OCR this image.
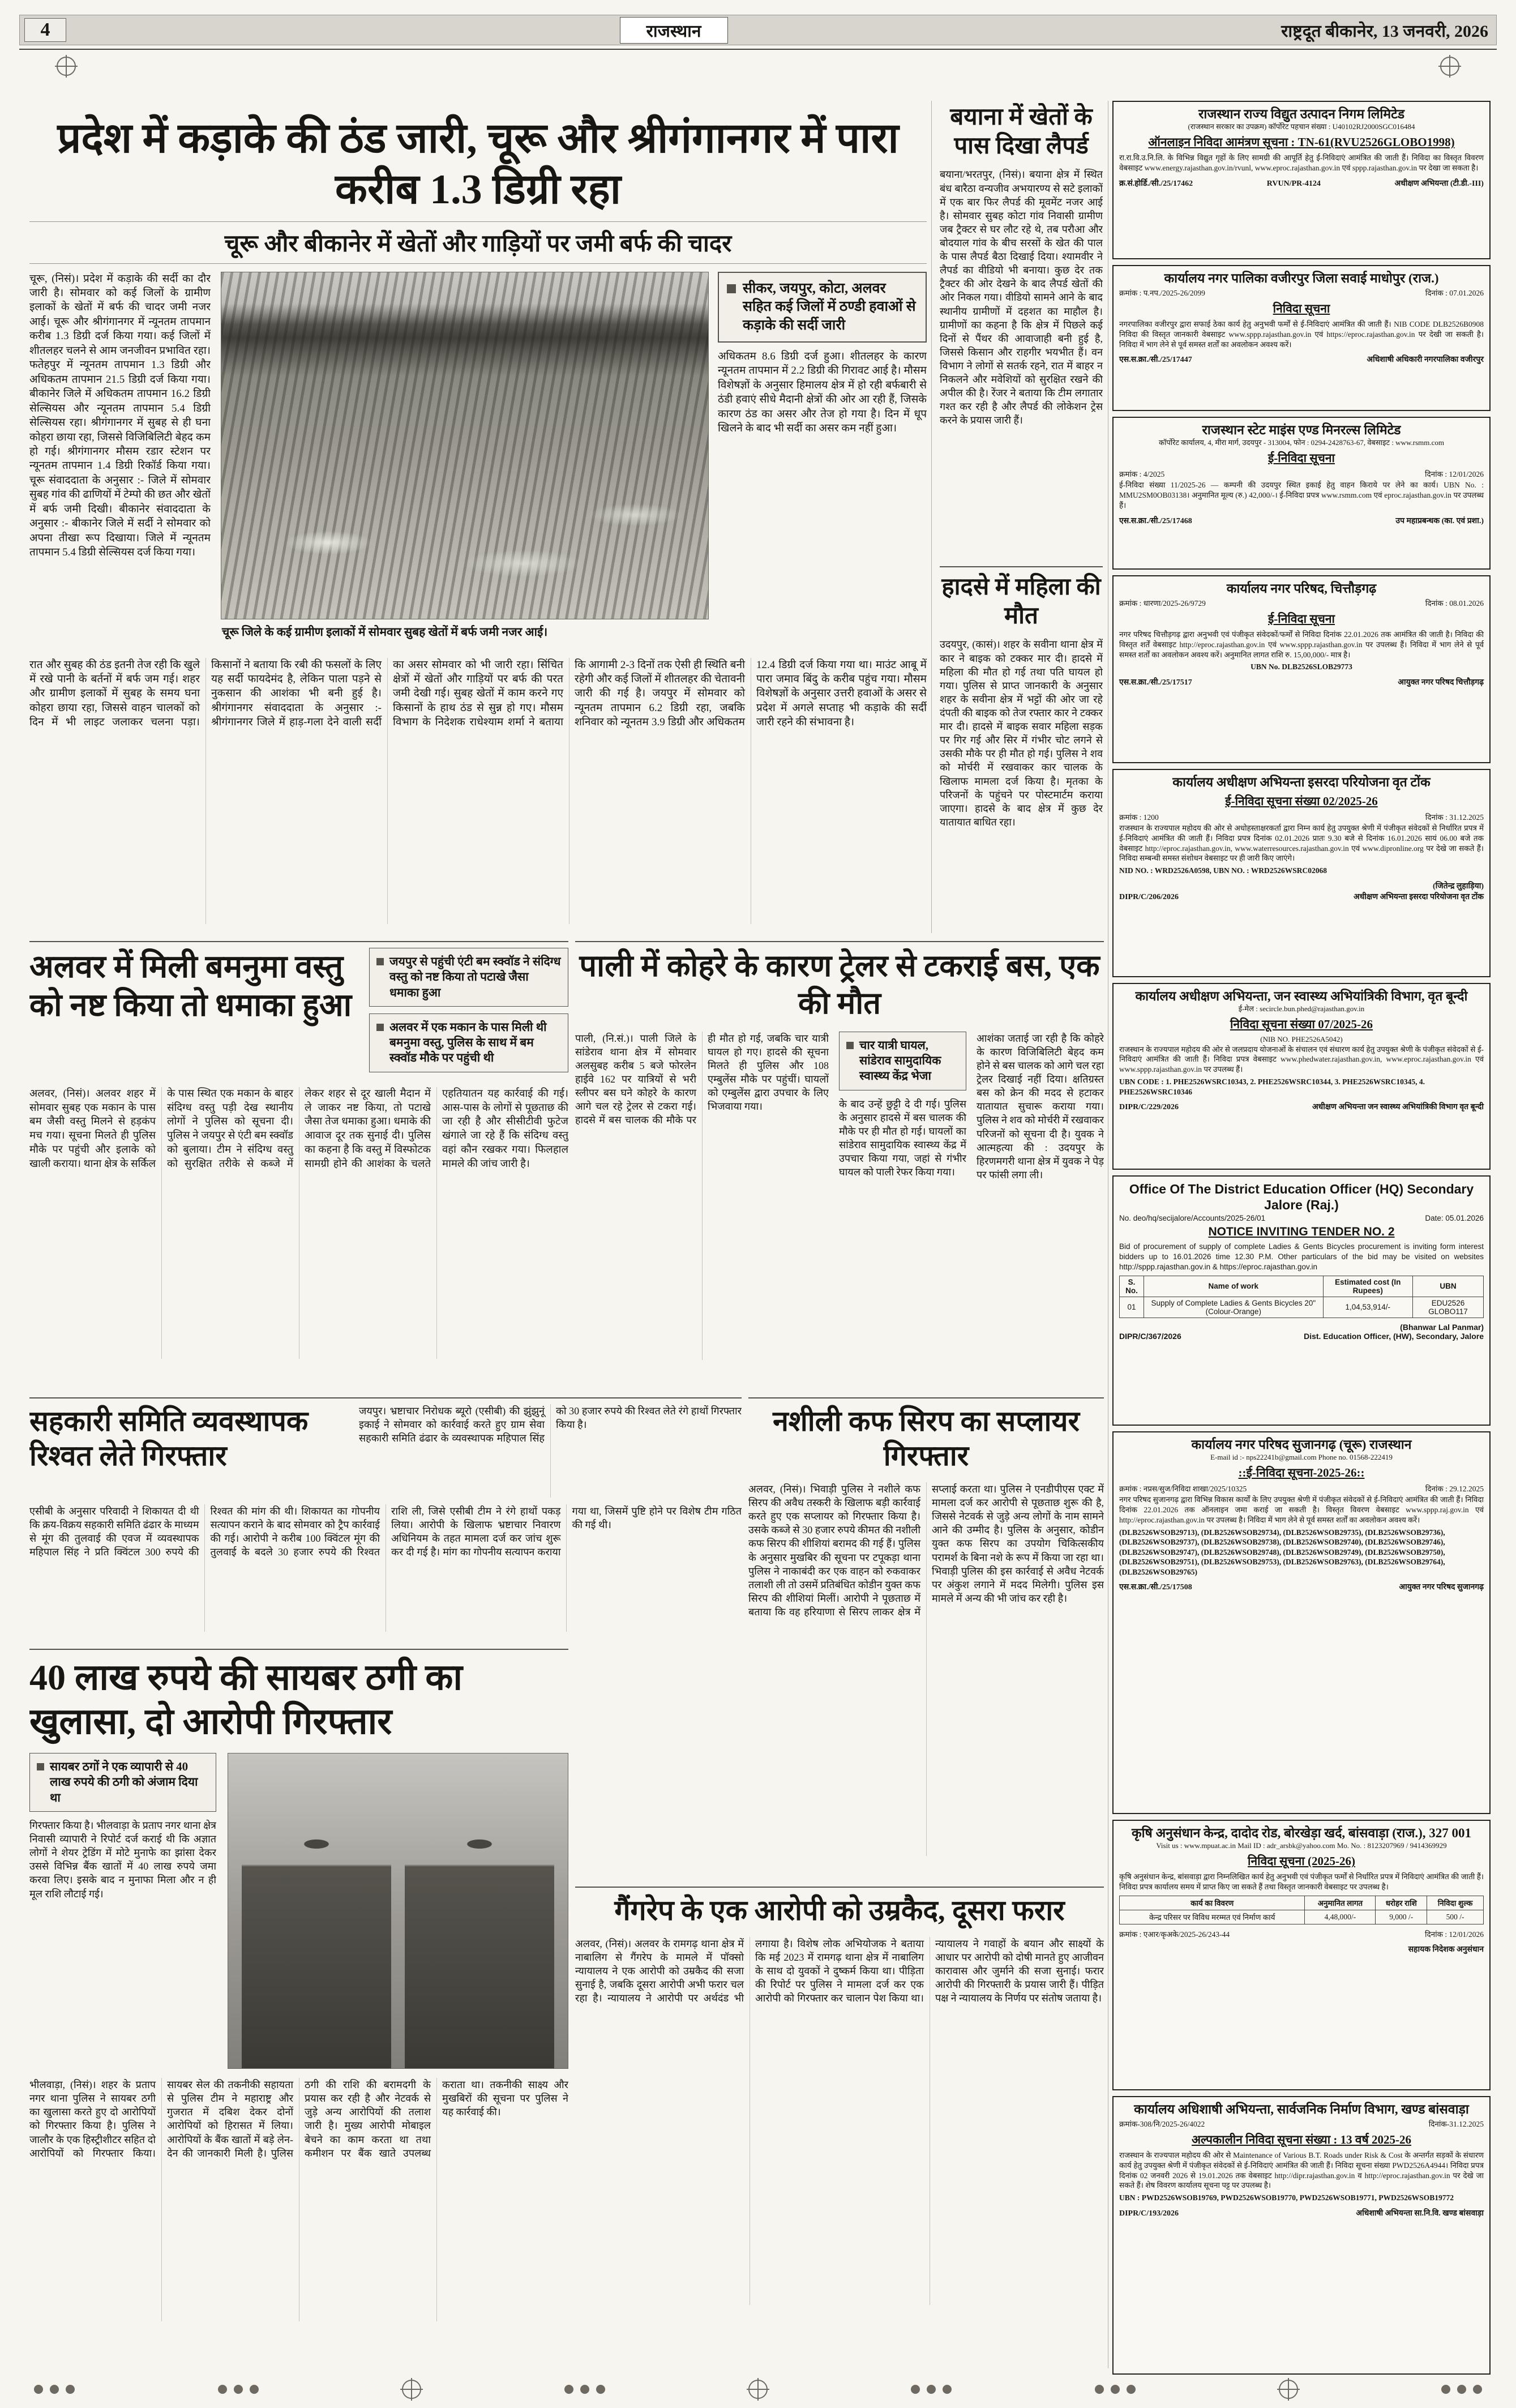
4	राजस्थान	राष्ट्रदूत बीकानेर, 13 जनवरी, 2026
प्रदेश में कड़ाके की ठंड जारी, चूरू और श्रीगंगानगर में पारा करीब 1.3 डिग्री रहा
चूरू और बीकानेर में खेतों और गाड़ियों पर जमी बर्फ की चादर
चूरू, (निसं)। प्रदेश में कड़ाके की सर्दी का दौर जारी है। सोमवार को कई जिलों के ग्रामीण इलाकों के खेतों में बर्फ की चादर जमी नजर आई। चूरू और श्रीगंगानगर में न्यूनतम तापमान करीब 1.3 डिग्री दर्ज किया गया। कई जिलों में शीतलहर चलने से आम जनजीवन प्रभावित रहा। फतेहपुर में न्यूनतम तापमान 1.3 डिग्री और अधिकतम तापमान 21.5 डिग्री दर्ज किया गया। बीकानेर जिले में अधिकतम तापमान 16.2 डिग्री सेल्सियस और न्यूनतम तापमान 5.4 डिग्री सेल्सियस रहा। श्रीगंगानगर में सुबह से ही घना कोहरा छाया रहा, जिससे विजिबिलिटी बेहद कम हो गई। श्रीगंगानगर मौसम रडार स्टेशन पर न्यूनतम तापमान 1.4 डिग्री रिकॉर्ड किया गया। चूरू संवाददाता के अनुसार :- जिले में सोमवार सुबह गांव की ढाणियों में टेम्पो की छत और खेतों में बर्फ जमी दिखी। बीकानेर संवाददाता के अनुसार :- बीकानेर जिले में सर्दी ने सोमवार को अपना तीखा रूप दिखाया। जिले में न्यूनतम तापमान 5.4 डिग्री सेल्सियस दर्ज किया गया।
चूरू जिले के कई ग्रामीण इलाकों में सोमवार सुबह खेतों में बर्फ जमी नजर आई।
सीकर, जयपुर, कोटा, अलवर सहित कई जिलों में ठण्डी हवाओं से कड़ाके की सर्दी जारी
अधिकतम 8.6 डिग्री दर्ज हुआ। शीतलहर के कारण न्यूनतम तापमान में 2.2 डिग्री की गिरावट आई है। मौसम विशेषज्ञों के अनुसार हिमालय क्षेत्र में हो रही बर्फबारी से ठंडी हवाएं सीधे मैदानी क्षेत्रों की ओर आ रही हैं, जिसके कारण ठंड का असर और तेज हो गया है। दिन में धूप खिलने के बाद भी सर्दी का असर कम नहीं हुआ।
रात और सुबह की ठंड इतनी तेज रही कि खुले में रखे पानी के बर्तनों में बर्फ जम गई। शहर और ग्रामीण इलाकों में सुबह के समय घना कोहरा छाया रहा, जिससे वाहन चालकों को दिन में भी लाइट जलाकर चलना पड़ा। किसानों ने बताया कि रबी की फसलों के लिए यह सर्दी फायदेमंद है, लेकिन पाला पड़ने से नुकसान की आशंका भी बनी हुई है। श्रीगंगानगर संवाददाता के अनुसार :- श्रीगंगानगर जिले में हाड़-गला देने वाली सर्दी का असर सोमवार को भी जारी रहा। सिंचित क्षेत्रों में खेतों और गाड़ियों पर बर्फ की परत जमी देखी गई। सुबह खेतों में काम करने गए किसानों के हाथ ठंड से सुन्न हो गए। मौसम विभाग के निदेशक राधेश्याम शर्मा ने बताया कि आगामी 2-3 दिनों तक ऐसी ही स्थिति बनी रहेगी और कई जिलों में शीतलहर की चेतावनी जारी की गई है। जयपुर में सोमवार को न्यूनतम तापमान 6.2 डिग्री रहा, जबकि शनिवार को न्यूनतम 3.9 डिग्री और अधिकतम 12.4 डिग्री दर्ज किया गया था। माउंट आबू में पारा जमाव बिंदु के करीब पहुंच गया। मौसम विशेषज्ञों के अनुसार उत्तरी हवाओं के असर से प्रदेश में अगले सप्ताह भी कड़ाके की सर्दी जारी रहने की संभावना है।
बयाना में खेतों के पास दिखा लैपर्ड
बयाना/भरतपुर, (निसं)। बयाना क्षेत्र में स्थित बंध बारैठा वन्यजीव अभयारण्य से सटे इलाकों में एक बार फिर लैपर्ड की मूवमेंट नजर आई है। सोमवार सुबह कोटा गांव निवासी ग्रामीण जब ट्रैक्टर से घर लौट रहे थे, तब परौआ और बोदयाल गांव के बीच सरसों के खेत की पाल के पास लैपर्ड बैठा दिखाई दिया। श्यामवीर ने लैपर्ड का वीडियो भी बनाया। कुछ देर तक ट्रैक्टर की ओर देखने के बाद लैपर्ड खेतों की ओर निकल गया। वीडियो सामने आने के बाद स्थानीय ग्रामीणों में दहशत का माहौल है। ग्रामीणों का कहना है कि क्षेत्र में पिछले कई दिनों से पैंथर की आवाजाही बनी हुई है, जिससे किसान और राहगीर भयभीत हैं। वन विभाग ने लोगों से सतर्क रहने, रात में बाहर न निकलने और मवेशियों को सुरक्षित रखने की अपील की है। रेंजर ने बताया कि टीम लगातार गश्त कर रही है और लैपर्ड की लोकेशन ट्रेस करने के प्रयास जारी हैं।
हादसे में महिला की मौत
उदयपुर, (कासं)। शहर के सवीना थाना क्षेत्र में कार ने बाइक को टक्कर मार दी। हादसे में महिला की मौत हो गई तथा पति घायल हो गया। पुलिस से प्राप्त जानकारी के अनुसार शहर के सवीना क्षेत्र में भट्टों की ओर जा रहे दंपती की बाइक को तेज रफ्तार कार ने टक्कर मार दी। हादसे में बाइक सवार महिला सड़क पर गिर गई और सिर में गंभीर चोट लगने से उसकी मौके पर ही मौत हो गई। पुलिस ने शव को मोर्चरी में रखवाकर कार चालक के खिलाफ मामला दर्ज किया है। मृतका के परिजनों के पहुंचने पर पोस्टमार्टम कराया जाएगा। हादसे के बाद क्षेत्र में कुछ देर यातायात बाधित रहा।
अलवर में मिली बमनुमा वस्तु को नष्ट किया तो धमाका हुआ
जयपुर से पहुंची एंटी बम स्क्वॉड ने संदिग्ध वस्तु को नष्ट किया तो पटाखे जैसा धमाका हुआ
अलवर में एक मकान के पास मिली थी बमनुमा वस्तु, पुलिस के साथ में बम स्क्वॉड मौके पर पहुंची थी
अलवर, (निसं)। अलवर शहर में सोमवार सुबह एक मकान के पास बम जैसी वस्तु मिलने से हड़कंप मच गया। सूचना मिलते ही पुलिस मौके पर पहुंची और इलाके को खाली कराया। थाना क्षेत्र के सर्किल के पास स्थित एक मकान के बाहर संदिग्ध वस्तु पड़ी देख स्थानीय लोगों ने पुलिस को सूचना दी। पुलिस ने जयपुर से एंटी बम स्क्वॉड को बुलाया। टीम ने संदिग्ध वस्तु को सुरक्षित तरीके से कब्जे में लेकर शहर से दूर खाली मैदान में ले जाकर नष्ट किया, तो पटाखे जैसा तेज धमाका हुआ। धमाके की आवाज दूर तक सुनाई दी। पुलिस का कहना है कि वस्तु में विस्फोटक सामग्री होने की आशंका के चलते एहतियातन यह कार्रवाई की गई। आस-पास के लोगों से पूछताछ की जा रही है और सीसीटीवी फुटेज खंगाले जा रहे हैं कि संदिग्ध वस्तु वहां कौन रखकर गया। फिलहाल मामले की जांच जारी है।
पाली में कोहरे के कारण ट्रेलर से टकराई बस, एक की मौत
पाली, (नि.सं.)। पाली जिले के सांडेराव थाना क्षेत्र में सोमवार अलसुबह करीब 5 बजे फोरलेन हाईवे 162 पर यात्रियों से भरी स्लीपर बस घने कोहरे के कारण आगे चल रहे ट्रेलर से टकरा गई। हादसे में बस चालक की मौके पर ही मौत हो गई, जबकि चार यात्री घायल हो गए। हादसे की सूचना मिलते ही पुलिस और 108 एम्बुलेंस मौके पर पहुंचीं। घायलों को एम्बुलेंस द्वारा उपचार के लिए भिजवाया गया।
चार यात्री घायल, सांडेराव सामुदायिक स्वास्थ्य केंद्र भेजा
के बाद उन्हें छुट्टी दे दी गई। पुलिस के अनुसार हादसे में बस चालक की मौके पर ही मौत हो गई। घायलों का सांडेराव सामुदायिक स्वास्थ्य केंद्र में उपचार किया गया, जहां से गंभीर घायल को पाली रेफर किया गया।
आशंका जताई जा रही है कि कोहरे के कारण विजिबिलिटी बेहद कम होने से बस चालक को आगे चल रहा ट्रेलर दिखाई नहीं दिया। क्षतिग्रस्त बस को क्रेन की मदद से हटाकर यातायात सुचारू कराया गया। पुलिस ने शव को मोर्चरी में रखवाकर परिजनों को सूचना दी है। युवक ने आत्महत्या की : उदयपुर के हिरणमगरी थाना क्षेत्र में युवक ने पेड़ पर फांसी लगा ली।
सहकारी समिति व्यवस्थापक रिश्वत लेते गिरफ्तार
जयपुर। भ्रष्टाचार निरोधक ब्यूरो (एसीबी) की झुंझुनूं इकाई ने सोमवार को कार्रवाई करते हुए ग्राम सेवा सहकारी समिति ढंढार के व्यवस्थापक महिपाल सिंह को 30 हजार रुपये की रिश्वत लेते रंगे हाथों गिरफ्तार किया है।
एसीबी के अनुसार परिवादी ने शिकायत दी थी कि क्रय-विक्रय सहकारी समिति ढंढार के माध्यम से मूंग की तुलवाई की एवज में व्यवस्थापक महिपाल सिंह ने प्रति क्विंटल 300 रुपये की रिश्वत की मांग की थी। शिकायत का गोपनीय सत्यापन कराने के बाद सोमवार को ट्रैप कार्रवाई की गई। आरोपी ने करीब 100 क्विंटल मूंग की तुलवाई के बदले 30 हजार रुपये की रिश्वत राशि ली, जिसे एसीबी टीम ने रंगे हाथों पकड़ लिया। आरोपी के खिलाफ भ्रष्टाचार निवारण अधिनियम के तहत मामला दर्ज कर जांच शुरू कर दी गई है। मांग का गोपनीय सत्यापन कराया गया था, जिसमें पुष्टि होने पर विशेष टीम गठित की गई थी।
नशीली कफ सिरप का सप्लायर गिरफ्तार
अलवर, (निसं)। भिवाड़ी पुलिस ने नशीले कफ सिरप की अवैध तस्करी के खिलाफ बड़ी कार्रवाई करते हुए एक सप्लायर को गिरफ्तार किया है। उसके कब्जे से 30 हजार रुपये कीमत की नशीली कफ सिरप की शीशियां बरामद की गई हैं। पुलिस के अनुसार मुखबिर की सूचना पर टपूकड़ा थाना पुलिस ने नाकाबंदी कर एक वाहन को रुकवाकर तलाशी ली तो उसमें प्रतिबंधित कोडीन युक्त कफ सिरप की शीशियां मिलीं। आरोपी ने पूछताछ में बताया कि वह हरियाणा से सिरप लाकर क्षेत्र में सप्लाई करता था। पुलिस ने एनडीपीएस एक्ट में मामला दर्ज कर आरोपी से पूछताछ शुरू की है, जिससे नेटवर्क से जुड़े अन्य लोगों के नाम सामने आने की उम्मीद है। पुलिस के अनुसार, कोडीन युक्त कफ सिरप का उपयोग चिकित्सकीय परामर्श के बिना नशे के रूप में किया जा रहा था। भिवाड़ी पुलिस की इस कार्रवाई से अवैध नेटवर्क पर अंकुश लगाने में मदद मिलेगी। पुलिस इस मामले में अन्य की भी जांच कर रही है।
40 लाख रुपये की सायबर ठगी का खुलासा, दो आरोपी गिरफ्तार
सायबर ठगों ने एक व्यापारी से 40 लाख रुपये की ठगी को अंजाम दिया था
गिरफ्तार किया है। भीलवाड़ा के प्रताप नगर थाना क्षेत्र निवासी व्यापारी ने रिपोर्ट दर्ज कराई थी कि अज्ञात लोगों ने शेयर ट्रेडिंग में मोटे मुनाफे का झांसा देकर उससे विभिन्न बैंक खातों में 40 लाख रुपये जमा करवा लिए। इसके बाद न मुनाफा मिला और न ही मूल राशि लौटाई गई।
भीलवाड़ा, (निसं)। शहर के प्रताप नगर थाना पुलिस ने सायबर ठगी का खुलासा करते हुए दो आरोपियों को गिरफ्तार किया है। पुलिस ने जालौर के एक हिस्ट्रीशीटर सहित दो आरोपियों को गिरफ्तार किया। सायबर सेल की तकनीकी सहायता से पुलिस टीम ने महाराष्ट्र और गुजरात में दबिश देकर दोनों आरोपियों को हिरासत में लिया। आरोपियों के बैंक खातों में बड़े लेन-देन की जानकारी मिली है। पुलिस ठगी की राशि की बरामदगी के प्रयास कर रही है और नेटवर्क से जुड़े अन्य आरोपियों की तलाश जारी है। मुख्य आरोपी मोबाइल बेचने का काम करता था तथा कमीशन पर बैंक खाते उपलब्ध कराता था। तकनीकी साक्ष्य और मुखबिरों की सूचना पर पुलिस ने यह कार्रवाई की।
गैंगरेप के एक आरोपी को उम्रकैद, दूसरा फरार
अलवर, (निसं)। अलवर के रामगढ़ थाना क्षेत्र में नाबालिग से गैंगरेप के मामले में पॉक्सो न्यायालय ने एक आरोपी को उम्रकैद की सजा सुनाई है, जबकि दूसरा आरोपी अभी फरार चल रहा है। न्यायालय ने आरोपी पर अर्थदंड भी लगाया है। विशेष लोक अभियोजक ने बताया कि मई 2023 में रामगढ़ थाना क्षेत्र में नाबालिग के साथ दो युवकों ने दुष्कर्म किया था। पीड़िता की रिपोर्ट पर पुलिस ने मामला दर्ज कर एक आरोपी को गिरफ्तार कर चालान पेश किया था। न्यायालय ने गवाहों के बयान और साक्ष्यों के आधार पर आरोपी को दोषी मानते हुए आजीवन कारावास और जुर्माने की सजा सुनाई। फरार आरोपी की गिरफ्तारी के प्रयास जारी हैं। पीड़ित पक्ष ने न्यायालय के निर्णय पर संतोष जताया है।
राजस्थान राज्य विद्युत उत्पादन निगम लिमिटेड
(राजस्थान सरकार का उपक्रम) कॉर्पोरेट पहचान संख्या : U40102RJ2000SGC016484
ऑनलाइन निविदा आमंत्रण सूचना : TN-61(RVU2526GLOBO1998)
रा.रा.वि.उ.नि.लि. के विभिन्न विद्युत गृहों के लिए सामग्री की आपूर्ति हेतु ई-निविदाएं आमंत्रित की जाती हैं। निविदा का विस्तृत विवरण वेबसाइट www.energy.rajasthan.gov.in/rvunl, www.eproc.rajasthan.gov.in एवं sppp.rajasthan.gov.in पर देखा जा सकता है।
क्र.सं.होर्डि./सी./25/17462	RVUN/PR-4124	अधीक्षण अभियन्ता (टी.डी.-III)
कार्यालय नगर पालिका वजीरपुर जिला सवाई माधोपुर (राज.)
क्रमांक : प.नप./2025-26/2099	दिनांक : 07.01.2026
निविदा सूचना
नगरपालिका वजीरपुर द्वारा सफाई ठेका कार्य हेतु अनुभवी फर्मों से ई-निविदाएं आमंत्रित की जाती हैं। NIB CODE DLB2526B0908 निविदा की विस्तृत जानकारी वेबसाइट www.sppp.rajasthan.gov.in एवं https://eproc.rajasthan.gov.in पर देखी जा सकती है। निविदा में भाग लेने से पूर्व समस्त शर्तों का अवलोकन अवश्य करें।
एस.स.क्रा./सी./25/17447	अधिशाषी अधिकारी नगरपालिका वजीरपुर
राजस्थान स्टेट माइंस एण्ड मिनरल्स लिमिटेड
कॉर्पोरेट कार्यालय, 4, मीरा मार्ग, उदयपुर - 313004, फोन : 0294-2428763-67, वेबसाइट : www.rsmm.com
ई-निविदा सूचना
क्रमांक : 4/2025	दिनांक : 12/01/2026
ई-निविदा संख्या 11/2025-26 — कम्पनी की उदयपुर स्थित इकाई हेतु वाहन किराये पर लेने का कार्य। UBN No. : MMU2SM0OB03138। अनुमानित मूल्य (रु.) 42,000/-। ई-निविदा प्रपत्र www.rsmm.com एवं eproc.rajasthan.gov.in पर उपलब्ध हैं।
एस.स.क्रा./सी./25/17468	उप महाप्रबन्धक (का. एवं प्रशा.)
कार्यालय नगर परिषद, चित्तौड़गढ़
क्रमांक : धारणा/2025-26/9729	दिनांक : 08.01.2026
ई-निविदा सूचना
नगर परिषद चित्तौड़गढ़ द्वारा अनुभवी एवं पंजीकृत संवेदकों/फर्मों से निविदा दिनांक 22.01.2026 तक आमंत्रित की जाती है। निविदा की विस्तृत शर्तें वेबसाइट http://eproc.rajasthan.gov.in एवं www.sppp.rajasthan.gov.in पर उपलब्ध हैं। निविदा में भाग लेने से पूर्व समस्त शर्तों का अवलोकन अवश्य करें। अनुमानित लागत राशि रु. 15,00,000/- मात्र है।
UBN No. DLB2526SLOB29773
एस.स.क्रा./सी./25/17517	आयुक्त नगर परिषद चित्तौड़गढ़
कार्यालय अधीक्षण अभियन्ता इसरदा परियोजना वृत टोंक
ई-निविदा सूचना संख्या 02/2025-26
क्रमांक : 1200	दिनांक : 31.12.2025
राजस्थान के राज्यपाल महोदय की ओर से अधोहस्ताक्षरकर्ता द्वारा निम्न कार्य हेतु उपयुक्त श्रेणी में पंजीकृत संवेदकों से निर्धारित प्रपत्र में ई-निविदाएं आमंत्रित की जाती हैं। निविदा प्रपत्र दिनांक 02.01.2026 प्रातः 9.30 बजे से दिनांक 16.01.2026 सायं 06.00 बजे तक वेबसाइट http://eproc.rajasthan.gov.in, www.waterresources.rajasthan.gov.in एवं www.dipronline.org पर देखे जा सकते हैं। निविदा सम्बन्धी समस्त संशोधन वेबसाइट पर ही जारी किए जाएंगे।
NID NO. : WRD2526A0598, UBN NO. : WRD2526WSRC02068
DIPR/C/206/2026
(जितेन्द्र लुहाड़िया)
अधीक्षण अभियन्ता इसरदा परियोजना वृत टोंक
कार्यालय अधीक्षण अभियन्ता, जन स्वास्थ्य अभियांत्रिकी विभाग, वृत बून्दी
ई-मेल : secircle.bun.phed@rajasthan.gov.in
निविदा सूचना संख्या 07/2025-26
(NIB NO. PHE2526A5042)
राजस्थान के राज्यपाल महोदय की ओर से जलप्रदाय योजनाओं के संचालन एवं संधारण कार्य हेतु उपयुक्त श्रेणी के पंजीकृत संवेदकों से ई-निविदाएं आमंत्रित की जाती हैं। निविदा प्रपत्र वेबसाइट www.phedwater.rajasthan.gov.in, www.eproc.rajasthan.gov.in एवं www.sppp.rajasthan.gov.in पर उपलब्ध हैं।
UBN CODE : 1. PHE2526WSRC10343, 2. PHE2526WSRC10344, 3. PHE2526WSRC10345, 4. PHE2526WSRC10346
DIPR/C/229/2026	अधीक्षण अभियन्ता जन स्वास्थ्य अभियांत्रिकी विभाग वृत बून्दी
Office Of The District Education Officer (HQ) Secondary Jalore (Raj.)
No. deo/hq/secijalore/Accounts/2025-26/01	Date: 05.01.2026
NOTICE INVITING TENDER NO. 2
Bid of procurement of supply of complete Ladies & Gents Bicycles procurement is inviting form interest bidders up to 16.01.2026 time 12.30 P.M. Other particulars of the bid may be visited on websites http://sppp.rajasthan.gov.in & https://eproc.rajasthan.gov.in
S. No.	Name of work	Estimated cost (In Rupees)	UBN
01	Supply of Complete Ladies & Gents Bicycles 20" (Colour-Orange)	1,04,53,914/-	EDU2526 GLOBO117
DIPR/C/367/2026
(Bhanwar Lal Panmar)
Dist. Education Officer, (HW), Secondary, Jalore
कार्यालय नगर परिषद सुजानगढ़ (चूरू) राजस्थान
E-mail id :- nps22241b@gmail.com Phone no. 01568-222419
::ई-निविदा सूचना-2025-26::
क्रमांक : नप्रस/सुज/निविदा शाखा/2025/10325	दिनांक : 29.12.2025
नगर परिषद सुजानगढ़ द्वारा विभिन्न विकास कार्यों के लिए उपयुक्त श्रेणी में पंजीकृत संवेदकों से ई-निविदाएं आमंत्रित की जाती हैं। निविदा दिनांक 22.01.2026 तक ऑनलाइन जमा कराई जा सकती है। विस्तृत विवरण वेबसाइट www.sppp.raj.gov.in एवं http://eproc.rajasthan.gov.in पर उपलब्ध है। निविदा में भाग लेने से पूर्व समस्त शर्तों का अवलोकन अवश्य करें।
(DLB2526WSOB29713), (DLB2526WSOB29734), (DLB2526WSOB29735), (DLB2526WSOB29736), (DLB2526WSOB29737), (DLB2526WSOB29738), (DLB2526WSOB29740), (DLB2526WSOB29746), (DLB2526WSOB29747), (DLB2526WSOB29748), (DLB2526WSOB29749), (DLB2526WSOB29750), (DLB2526WSOB29751), (DLB2526WSOB29753), (DLB2526WSOB29763), (DLB2526WSOB29764), (DLB2526WSOB29765)
एस.स.क्रा./सी./25/17508	आयुक्त नगर परिषद सुजानगढ़
कृषि अनुसंधान केन्द्र, दादोद रोड, बोरखेड़ा खर्द, बांसवाड़ा (राज.), 327 001
Visit us : www.mpuat.ac.in Mail ID : adr_arsbk@yahoo.com Mo. No. : 8123207969 / 9414369929
निविदा सूचना (2025-26)
कृषि अनुसंधान केन्द्र, बांसवाड़ा द्वारा निम्नलिखित कार्य हेतु अनुभवी एवं पंजीकृत फर्मों से निर्धारित प्रपत्र में निविदाएं आमंत्रित की जाती हैं। निविदा प्रपत्र कार्यालय समय में प्राप्त किए जा सकते हैं तथा विस्तृत जानकारी वेबसाइट पर उपलब्ध है।
कार्य का विवरण	अनुमानित लागत	धरोहर राशि	निविदा शुल्क
केन्द्र परिसर पर विविध मरम्मत एवं निर्माण कार्य	4,48,000/-	9,000 /-	500 /-
क्रमांक : एआर/कृअके/2025-26/243-44	दिनांक : 12/01/2026
सहायक निदेशक अनुसंधान
कार्यालय अधिशाषी अभियन्ता, सार्वजनिक निर्माण विभाग, खण्ड बांसवाड़ा
क्रमांक-308/नि/2025-26/4022	दिनांक-31.12.2025
अल्पकालीन निविदा सूचना संख्या : 13 वर्ष 2025-26
राजस्थान के राज्यपाल महोदय की ओर से Maintenance of Various B.T. Roads under Risk & Cost के अन्तर्गत सड़कों के संधारण कार्य हेतु उपयुक्त श्रेणी में पंजीकृत संवेदकों से ई-निविदाएं आमंत्रित की जाती हैं। निविदा सूचना संख्या PWD2526A4944। निविदा प्रपत्र दिनांक 02 जनवरी 2026 से 19.01.2026 तक वेबसाइट http://dipr.rajasthan.gov.in व http://eproc.rajasthan.gov.in पर देखे जा सकते हैं। शेष विवरण कार्यालय सूचना पट्ट पर उपलब्ध है।
UBN : PWD2526WSOB19769, PWD2526WSOB19770, PWD2526WSOB19771, PWD2526WSOB19772
DIPR/C/193/2026	अधिशाषी अभियन्ता सा.नि.वि. खण्ड बांसवाड़ा
